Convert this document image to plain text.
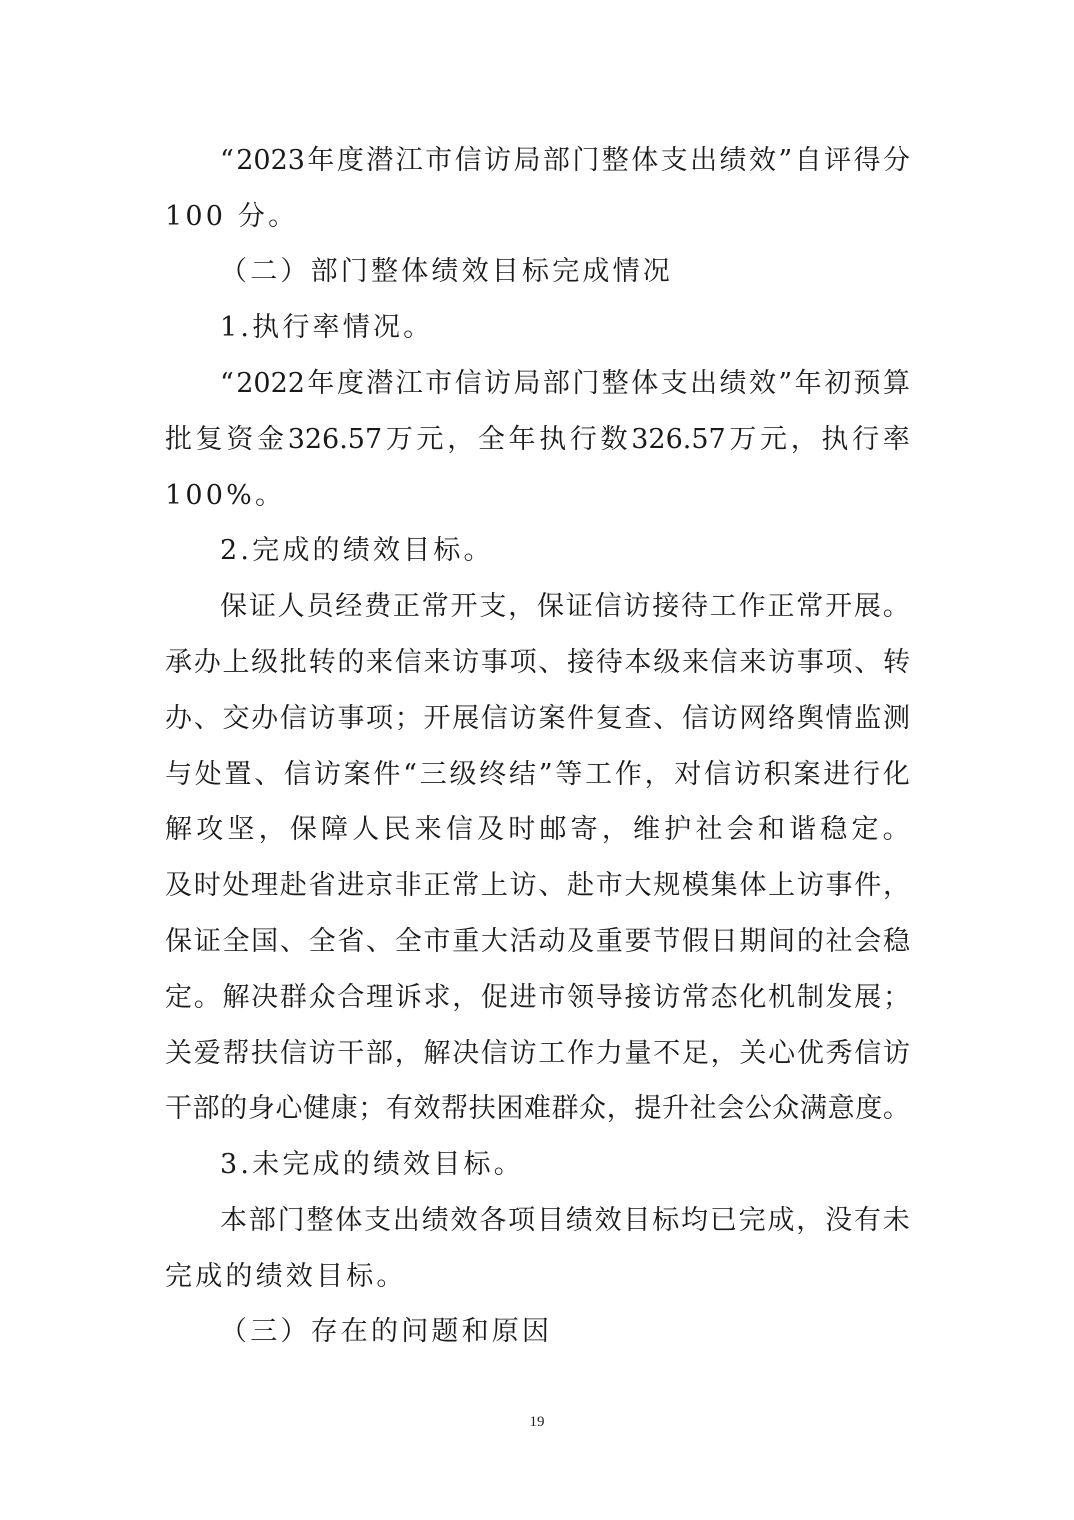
“ 2023 年 度 潜 江 市 信 访 局 部 门 整 体 支 出 绩 效 ” 自 评 得 分
100 分。
（二）部门整体绩效目标完成情况
1.执行率情况。
“ 2022 年 度 潜 江 市 信 访 局 部 门 整 体 支 出 绩 效 ” 年 初 预 算
批 复 资 金 326.57 万 元 ， 全 年 执 行 数 326.57 万 元 ， 执 行 率
100%。
2.完成的绩效目标。
保 证 人 员 经 费 正 常 开 支 ， 保 证 信 访 接 待 工 作 正 常 开 展 。
承 办 上 级 批 转 的 来 信 来 访 事 项 、 接 待 本 级 来 信 来 访 事 项 、 转
办 、 交 办 信 访 事 项 ； 开 展 信 访 案 件 复 查 、 信 访 网 络 舆 情 监 测
与 处 置 、 信 访 案 件 “ 三 级 终 结 ” 等 工 作 ， 对 信 访 积 案 进 行 化
解 攻 坚 ， 保 障 人 民 来 信 及 时 邮 寄 ， 维 护 社 会 和 谐 稳 定 。
及 时 处 理 赴 省 进 京 非 正 常 上 访 、 赴 市 大 规 模 集 体 上 访 事 件 ，
保 证 全 国 、 全 省 、 全 市 重 大 活 动 及 重 要 节 假 日 期 间 的 社 会 稳
定 。 解 决 群 众 合 理 诉 求 ， 促 进 市 领 导 接 访 常 态 化 机 制 发 展 ；
关 爱 帮 扶 信 访 干 部 ， 解 决 信 访 工 作 力 量 不 足 ， 关 心 优 秀 信 访
干 部 的 身 心 健 康 ； 有 效 帮 扶 困 难 群 众 ， 提 升 社 会 公 众 满 意 度 。
3.未完成的绩效目标。
本 部 门 整 体 支 出 绩 效 各 项 目 绩 效 目 标 均 已 完 成 ， 没 有 未
完成的绩效目标。
（三）存在的问题和原因
19
